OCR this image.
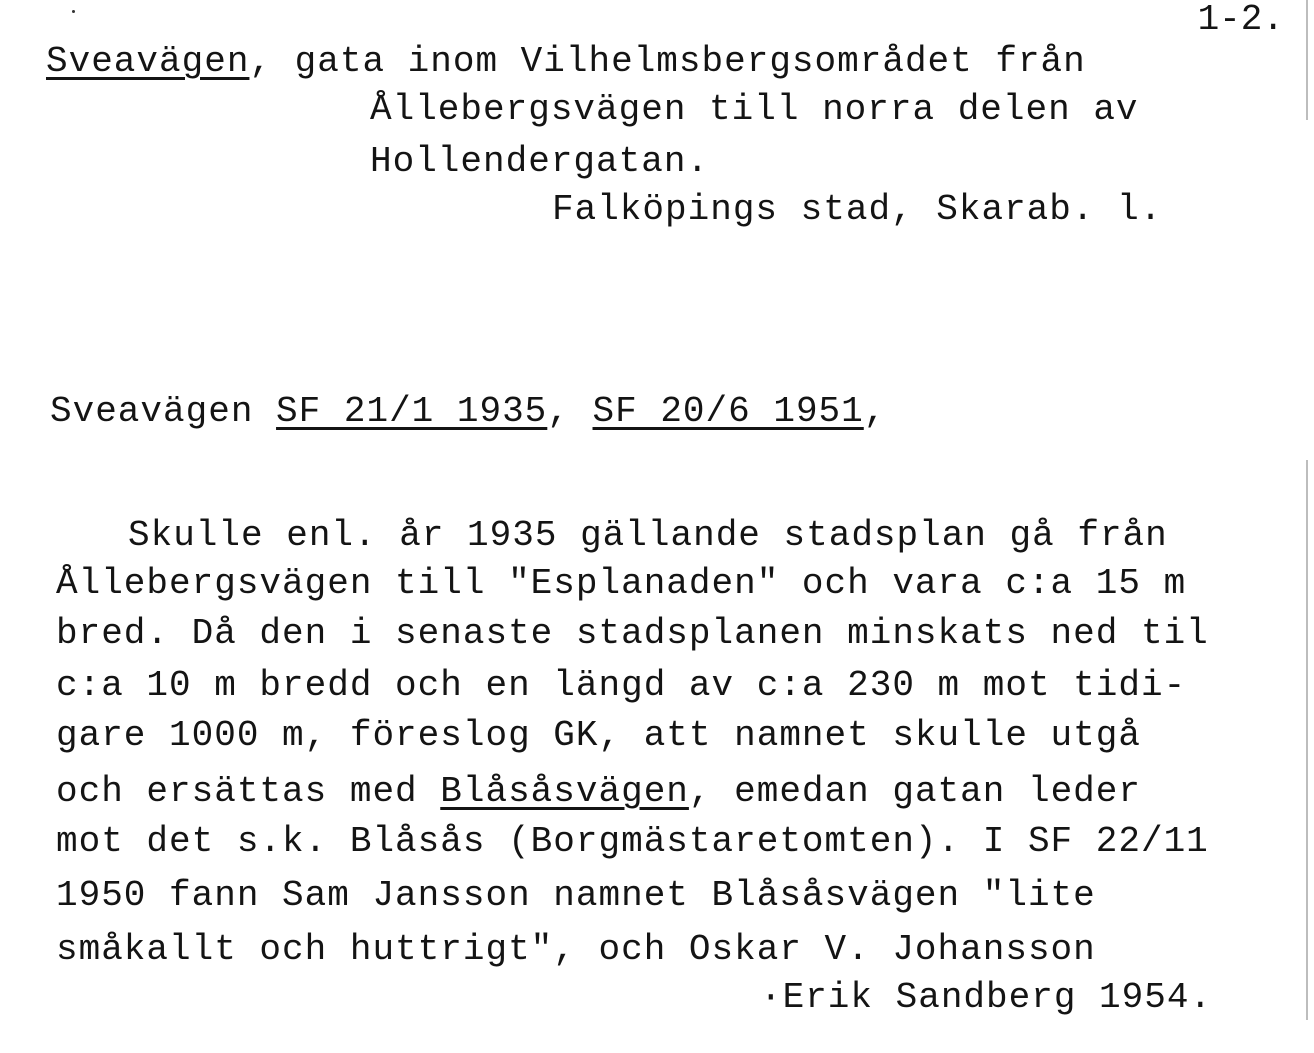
1-2.
Sveavägen, gata inom Vilhelmsbergsområdet från
Ållebergsvägen till norra delen av
Hollendergatan.
Falköpings stad, Skarab. l.
Sveavägen SF 21/1 1935, SF 20/6 1951,
Skulle enl. år 1935 gällande stadsplan gå från
Ållebergsvägen till "Esplanaden" och vara c:a 15 m
bred. Då den i senaste stadsplanen minskats ned til
c:a 10 m bredd och en längd av c:a 230 m mot tidi-
gare 1000 m, föreslog GK, att namnet skulle utgå
och ersättas med Blåsåsvägen, emedan gatan leder
mot det s.k. Blåsås (Borgmästaretomten). I SF 22/11
1950 fann Sam Jansson namnet Blåsåsvägen "lite
småkallt och huttrigt", och Oskar V. Johansson
·Erik Sandberg 1954.
